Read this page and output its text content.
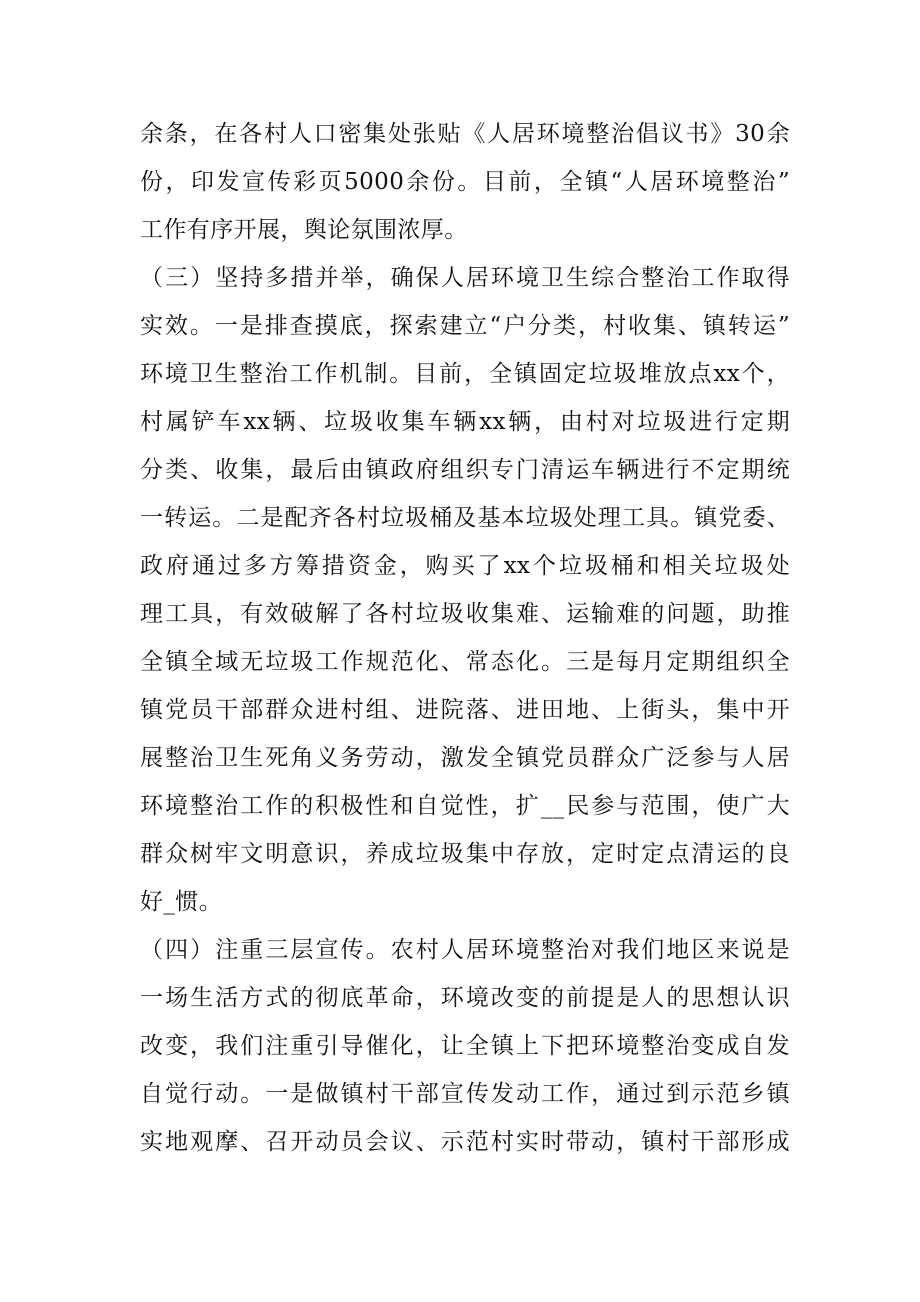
余条，在各村人口密集处张贴《人居环境整治倡议书》30余
份，印发宣传彩页5000余份。目前，全镇“人居环境整治”
工作有序开展，舆论氛围浓厚。
（三）坚持多措并举，确保人居环境卫生综合整治工作取得
实效。一是排查摸底，探索建立“户分类，村收集、镇转运”
环境卫生整治工作机制。目前，全镇固定垃圾堆放点xx个，
村属铲车xx辆、垃圾收集车辆xx辆，由村对垃圾进行定期
分类、收集，最后由镇政府组织专门清运车辆进行不定期统
一转运。二是配齐各村垃圾桶及基本垃圾处理工具。镇党委、
政府通过多方筹措资金，购买了xx个垃圾桶和相关垃圾处
理工具，有效破解了各村垃圾收集难、运输难的问题，助推
全镇全域无垃圾工作规范化、常态化。三是每月定期组织全
镇党员干部群众进村组、进院落、进田地、上街头，集中开
展整治卫生死角义务劳动，激发全镇党员群众广泛参与人居
环境整治工作的积极性和自觉性，扩__民参与范围，使广大
群众树牢文明意识，养成垃圾集中存放，定时定点清运的良
好_惯。
（四）注重三层宣传。农村人居环境整治对我们地区来说是
一场生活方式的彻底革命，环境改变的前提是人的思想认识
改变，我们注重引导催化，让全镇上下把环境整治变成自发
自觉行动。一是做镇村干部宣传发动工作，通过到示范乡镇
实地观摩、召开动员会议、示范村实时带动，镇村干部形成
